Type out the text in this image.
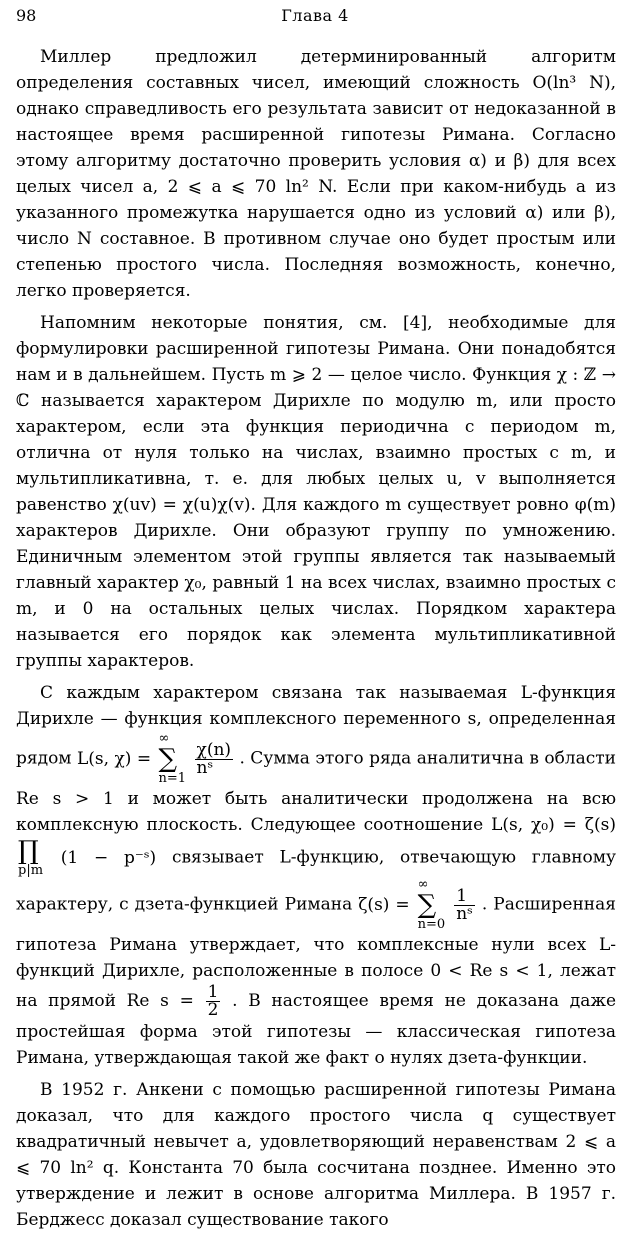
98	Глава 4

Миллер предложил детерминированный алгоритм определения составных чисел, имеющий сложность O(ln³ N), однако справедливость его результата зависит от недоказанной в настоящее время расширенной гипотезы Римана. Согласно этому алгоритму достаточно проверить условия α) и β) для всех целых чисел a, 2 ⩽ a ⩽ 70 ln² N. Если при каком-нибудь a из указанного промежутка нарушается одно из условий α) или β), число N составное. В противном случае оно будет простым или степенью простого числа. Последняя возможность, конечно, легко проверяется.

Напомним некоторые понятия, см. [4], необходимые для формулировки расширенной гипотезы Римана. Они понадобятся нам и в дальнейшем. Пусть m ⩾ 2 — целое число. Функция χ : ℤ → ℂ называется характером Дирихле по модулю m, или просто характером, если эта функция периодична с периодом m, отлична от нуля только на числах, взаимно простых с m, и мультипликативна, т. е. для любых целых u, v выполняется равенство χ(uv) = χ(u)χ(v). Для каждого m существует ровно φ(m) характеров Дирихле. Они образуют группу по умножению. Единичным элементом этой группы является так называемый главный характер χ₀, равный 1 на всех числах, взаимно простых с m, и 0 на остальных целых числах. Порядком характера называется его порядок как элемента мультипликативной группы характеров.

С каждым характером связана так называемая L-функция Дирихле — функция комплексного переменного s, определенная рядом L(s, χ) =
∞
∑
n=1

$\frac{\chi(n)}{\text{nˢ}}$ . Сумма этого ряда аналитична в области Re s > 1 и может быть аналитически продолжена на всю комплексную плоскость. Следующее соотношение L(s, χ₀) = ζ(s)
∏
p|m
(1 − p⁻ˢ) связывает L-функцию, отвечающую главному характеру, с дзета-функцией Римана ζ(s) =
∞
∑
n=0

$\frac{1}{\text{nˢ}}$ . Расширенная гипотеза Римана утверждает, что комплексные нули всех L-функций Дирихле, расположенные в полосе 0 < Re s < 1, лежат на прямой Re $s = \frac{1}{2}$ . В настоящее время не доказана даже простейшая форма этой гипотезы — классическая гипотеза Римана, утверждающая такой же факт о нулях дзета-функции.

В 1952 г. Анкени с помощью расширенной гипотезы Римана доказал, что для каждого простого числа q существует квадратичный невычет a, удовлетворяющий неравенствам 2 ⩽ a ⩽ 70 ln² q. Константа 70 была сосчитана позднее. Именно это утверждение и лежит в основе алгоритма Миллера. В 1957 г. Берджесс доказал существование такого
